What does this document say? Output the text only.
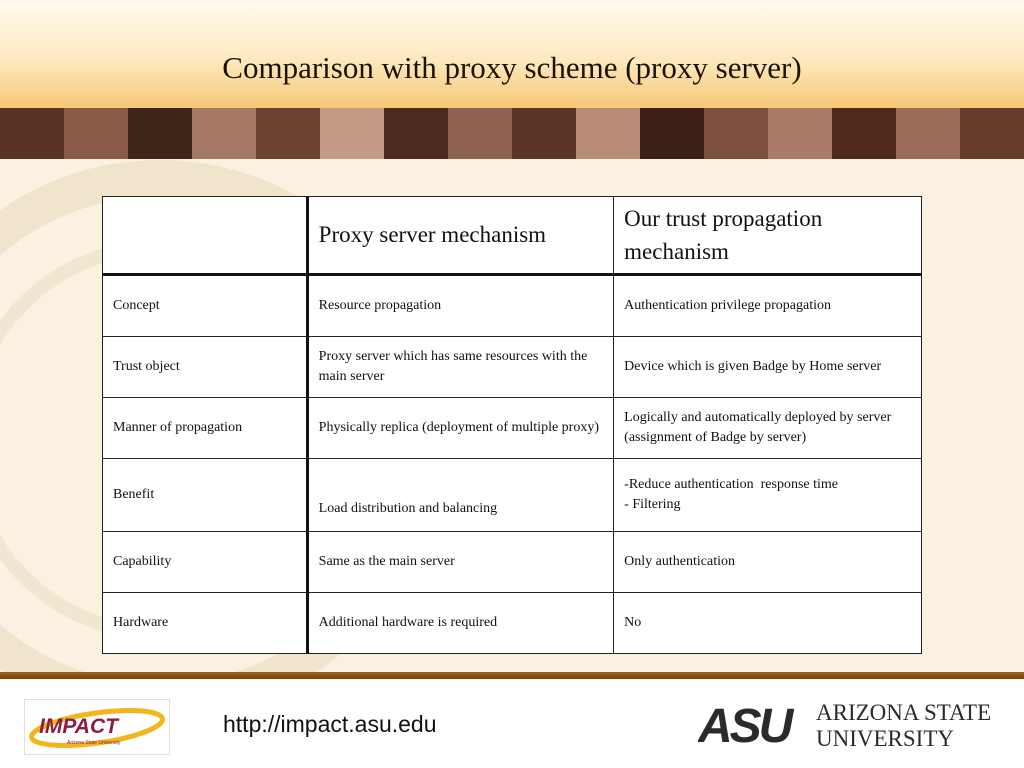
Comparison with proxy scheme (proxy server)
	Proxy server mechanism	Our trust propagation mechanism
Concept	Resource propagation	Authentication privilege propagation
Trust object	Proxy server which has same resources with the main server	Device which is given Badge by Home server
Manner of propagation	Physically replica (deployment of multiple proxy)	Logically and automatically deployed by server (assignment of Badge by server)
Benefit	Load distribution and balancing	-Reduce authentication  response time
- Filtering

Capability	Same as the main server	Only authentication
Hardware	Additional hardware is required	No
IMPACT
Arizona State University
http://impact.asu.edu	ASU ARIZONA STATE
UNIVERSITY
